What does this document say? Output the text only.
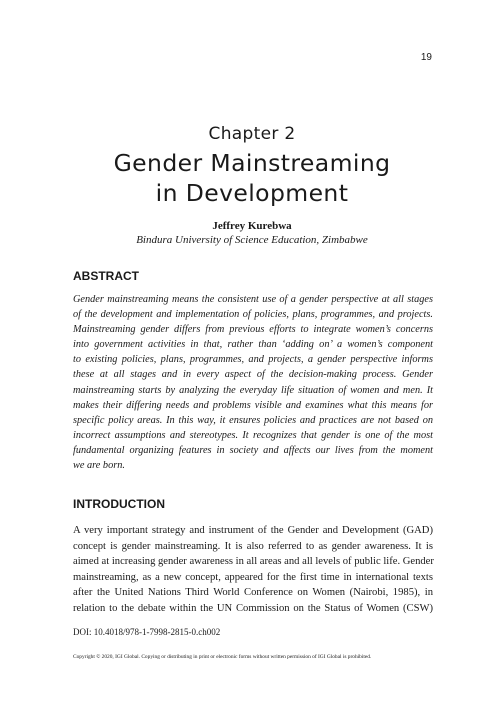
19
Chapter 2
Gender Mainstreaming
in Development
Jeffrey Kurebwa
Bindura University of Science Education, Zimbabwe
ABSTRACT
Gender mainstreaming means the consistent use of a gender perspective at all stages
of the development and implementation of policies, plans, programmes, and projects.
Mainstreaming gender differs from previous efforts to integrate women’s concerns
into government activities in that, rather than ‘adding on’ a women’s component
to existing policies, plans, programmes, and projects, a gender perspective informs
these at all stages and in every aspect of the decision-making process. Gender
mainstreaming starts by analyzing the everyday life situation of women and men. It
makes their differing needs and problems visible and examines what this means for
specific policy areas. In this way, it ensures policies and practices are not based on
incorrect assumptions and stereotypes. It recognizes that gender is one of the most
fundamental organizing features in society and affects our lives from the moment
we are born.
INTRODUCTION
A very important strategy and instrument of the Gender and Development (GAD)
concept is gender mainstreaming. It is also referred to as gender awareness. It is
aimed at increasing gender awareness in all areas and all levels of public life. Gender
mainstreaming, as a new concept, appeared for the first time in international texts
after the United Nations Third World Conference on Women (Nairobi, 1985), in
relation to the debate within the UN Commission on the Status of Women (CSW)
DOI: 10.4018/978-1-7998-2815-0.ch002
Copyright © 2020, IGI Global. Copying or distributing in print or electronic forms without written permission of IGI Global is prohibited.
